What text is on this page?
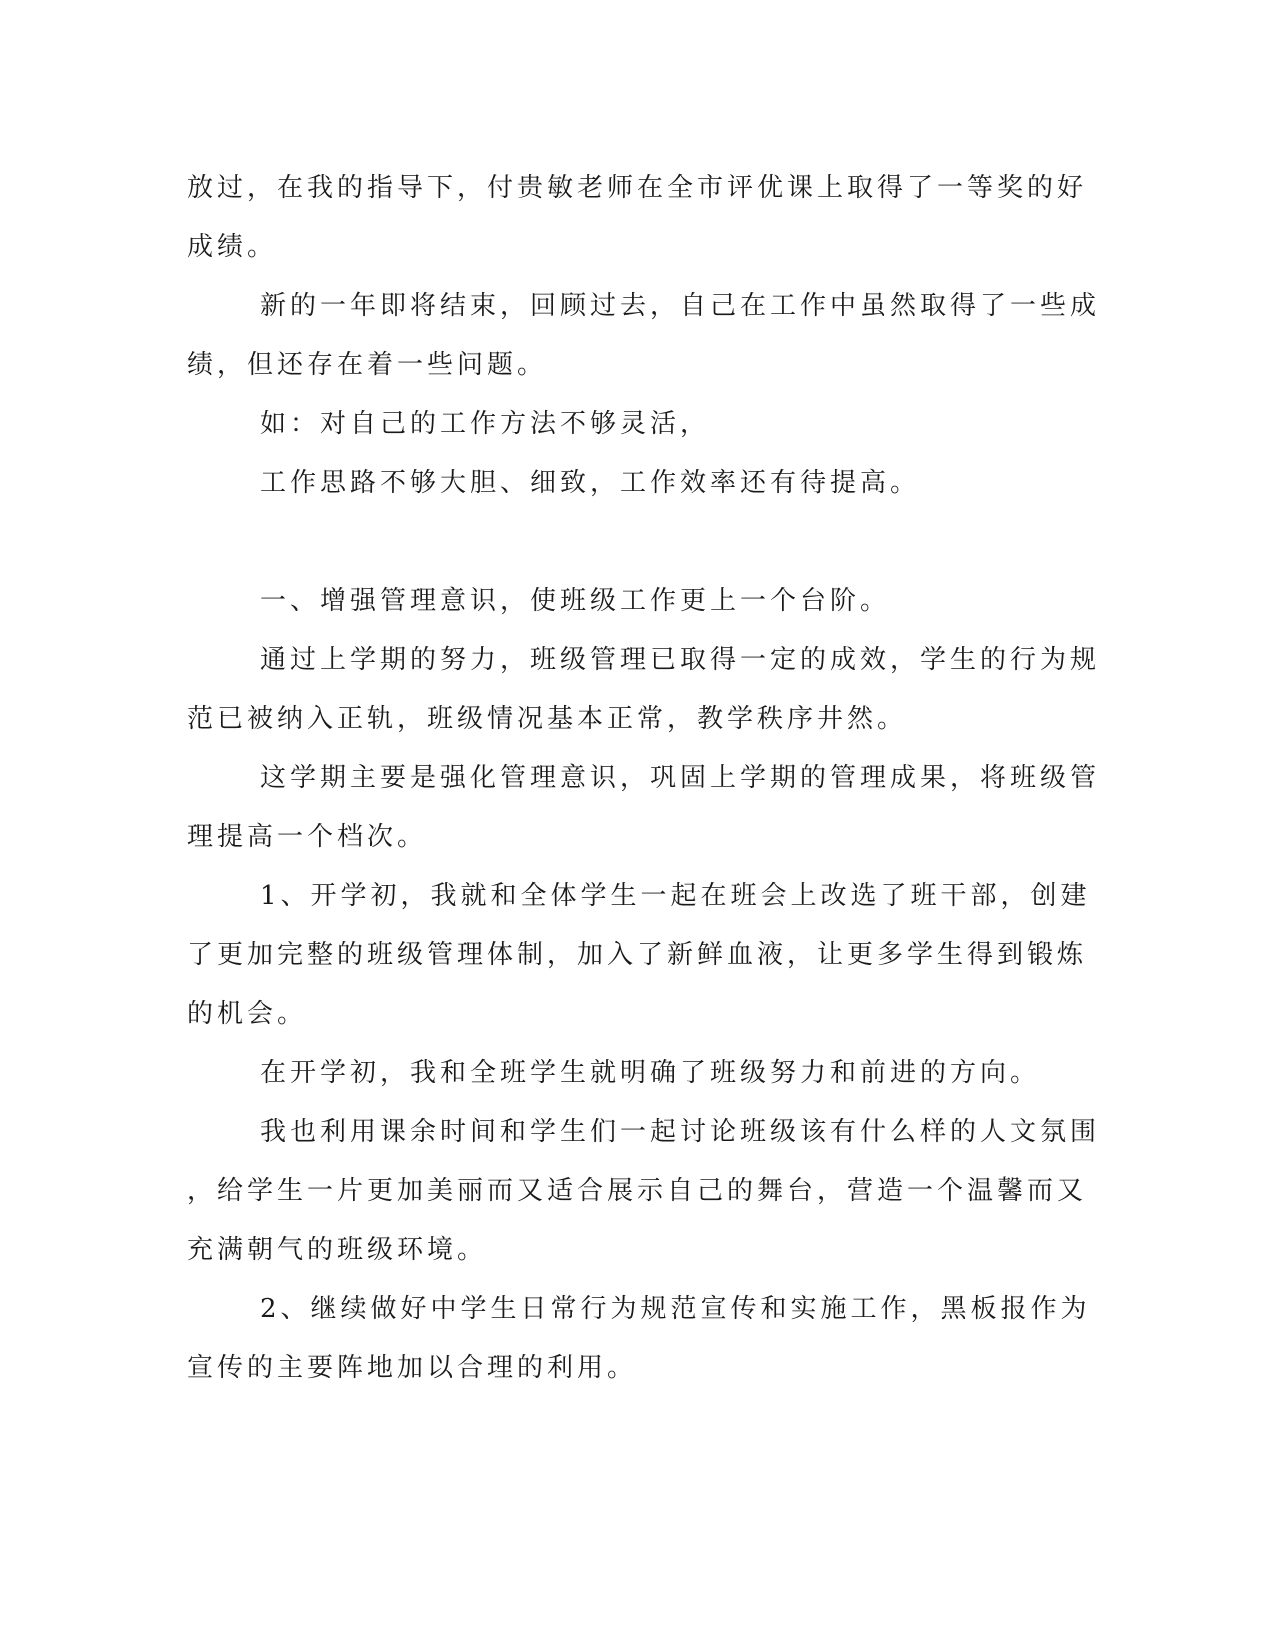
放过，在我的指导下，付贵敏老师在全市评优课上取得了一等奖的好

成绩。

新的一年即将结束，回顾过去，自己在工作中虽然取得了一些成

绩，但还存在着一些问题。

如：对自己的工作方法不够灵活，

工作思路不够大胆、细致，工作效率还有待提高。

一、增强管理意识，使班级工作更上一个台阶。

通过上学期的努力，班级管理已取得一定的成效，学生的行为规

范已被纳入正轨，班级情况基本正常，教学秩序井然。

这学期主要是强化管理意识，巩固上学期的管理成果，将班级管

理提高一个档次。

1、开学初，我就和全体学生一起在班会上改选了班干部，创建

了更加完整的班级管理体制，加入了新鲜血液，让更多学生得到锻炼

的机会。

在开学初，我和全班学生就明确了班级努力和前进的方向。

我也利用课余时间和学生们一起讨论班级该有什么样的人文氛围

，给学生一片更加美丽而又适合展示自己的舞台，营造一个温馨而又

充满朝气的班级环境。

2、继续做好中学生日常行为规范宣传和实施工作，黑板报作为

宣传的主要阵地加以合理的利用。
